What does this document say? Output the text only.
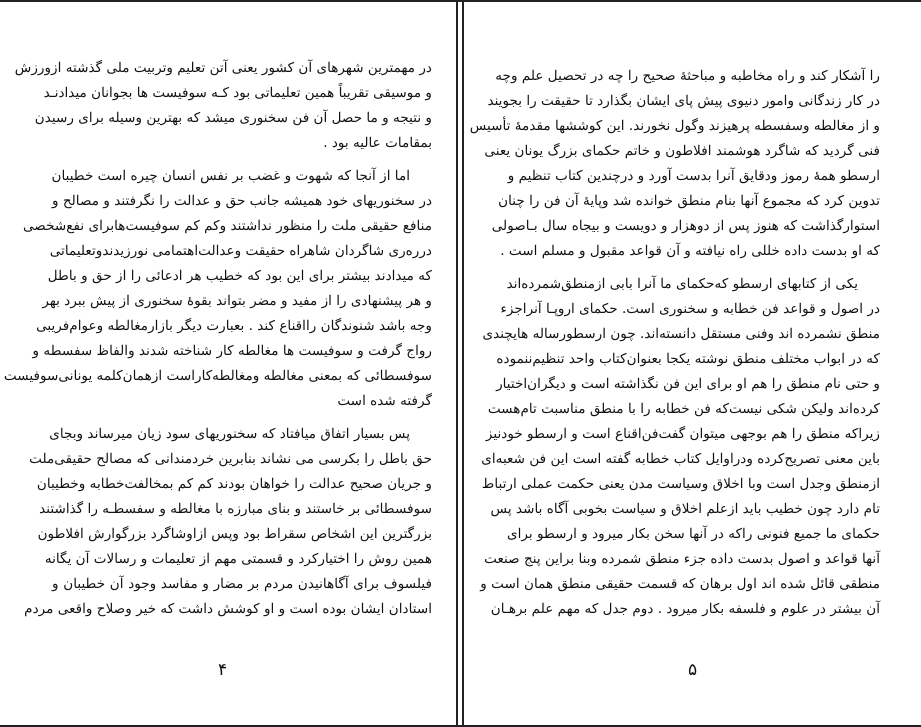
در مهمترین شهرهای آن کشور یعنی آتن تعلیم وتربیت ملی گذشته ازورزش
و موسیقی تقریباً همین تعلیماتی بود کـه سوفیست ها بجوانان میدادنـد
و نتیجه و ما حصل آن فن سخنوری میشد که بهترین وسیله برای رسیدن
بمقامات عالیه بود .
اما از آنجا که شهوت و غضب بر نفس انسان چیره است خطیبان
در سخنوریهای خود همیشه جانب حق و عدالت را نگرفتند و مصالح و
منافع حقیقی ملت را منظور نداشتند وکم کم سوفیست‌هابرای نفع‌شخصی
درره‌ری شاگردان شاهراه حقیقت وعدالت‌اهتمامی نورزیدندوتعلیماتی
که میدادند بیشتر برای این بود که خطیب هر ادعائی را از حق و باطل
و هر پیشنهادی را از مفید و مضر بتواند بقوهٔ سخنوری از پیش ببرد بهر
وجه باشد شنوندگان رااقناع کند . بعبارت دیگر بازارمغالطه وعوام‌فریبی
رواج گرفت و سوفیست ها مغالطه کار شناخته شدند والفاظ سفسطه و
سوفسطائی که بمعنی مغالطه ومغالطه‌کاراست ازهمان‌کلمه یونانی‌سوفیست
گرفته شده است
پس بسیار اتفاق میافتاد که سخنوریهای سود زیان میرساند وبجای
حق باطل را بکرسی می نشاند بنابرین خردمندانی که مصالح حقیقی‌ملت
و جریان صحیح عدالت را خواهان بودند کم کم بمخالفت‌خطابه وخطیبان
سوفسطائی بر خاستند و بنای مبارزه با مغالطه و سفسطـه را گذاشتند
بزرگترین این اشخاص سقراط بود وپس ازاوشاگرد بزرگوارش افلاطون
همین روش را اختیارکرد و قسمتی مهم از تعلیمات و رسالات آن یگانه
فیلسوف برای آگاهانیدن مردم بر مضار و مفاسد وجود آن خطیبان و
استادان ایشان بوده است و او کوشش داشت که خیر وصلاح واقعی مردم
۴
را آشکار کند و راه مخاطبه و مباحثهٔ صحیح را چه در تحصیل علم وچه
در کار زندگانی وامور دنیوی پیش پای ایشان بگذارد تا حقیقت را بجویند
و از مغالطه وسفسطه پرهیزند وگول نخورند. این کوششها مقدمهٔ تأسیس
فنی گردید که شاگرد هوشمند افلاطون و خاتم حکمای بزرگ یونان یعنی
ارسطو همهٔ رموز ودقایق آنرا بدست آورد و درچندین کتاب تنظیم و
تدوین کرد که مجموع آنها بنام منطق خوانده شد وپایهٔ آن فن را چنان
استوارگذاشت که هنوز پس از دوهزار و دویست و بیجاه سال بـاصولی
که او بدست داده خللی راه نیافته و آن قواعد مقبول و مسلم است .
یکی از کتابهای ارسطو که‌حکمای ما آنرا بابی ازمنطق‌شمرده‌اند
در اصول و قواعد فن خطابه و سخنوری است. حکمای اروپـا آنراجزء
منطق نشمرده اند وفنی مستقل دانسته‌اند. چون ارسطورساله هایچندی
که در ابواب مختلف منطق نوشته یکجا بعنوان‌کتاب واحد تنظیم‌ننموده
و حتی نام منطق را هم او برای این فن نگذاشته است و دیگران‌اختیار
کرده‌اند ولیکن شکی نیست‌که فن خطابه را با منطق مناسبت تام‌هست
زیراکه منطق را هم بوجهی میتوان گفت‌فن‌اقناع است و ارسطو خودنیز
باین معنی تصریح‌کرده ودراوایل کتاب خطابه گفته است این فن شعبه‌ای
ازمنطق وجدل است وبا اخلاق وسیاست مدن یعنی حکمت عملی ارتباط
تام دارد چون خطیب باید ازعلم اخلاق و سیاست بخوبی آگاه باشد پس
حکمای ما جمیع فنونی راکه در آنها سخن بکار میرود و ارسطو برای
آنها قواعد و اصول بدست داده جزء منطق شمرده وبنا براین پنج صنعت
منطقی قائل شده اند اول برهان که قسمت حقیقی منطق همان است و
آن بیشتر در علوم و فلسفه بکار میرود . دوم جدل که مهم علم برهـان
۵
